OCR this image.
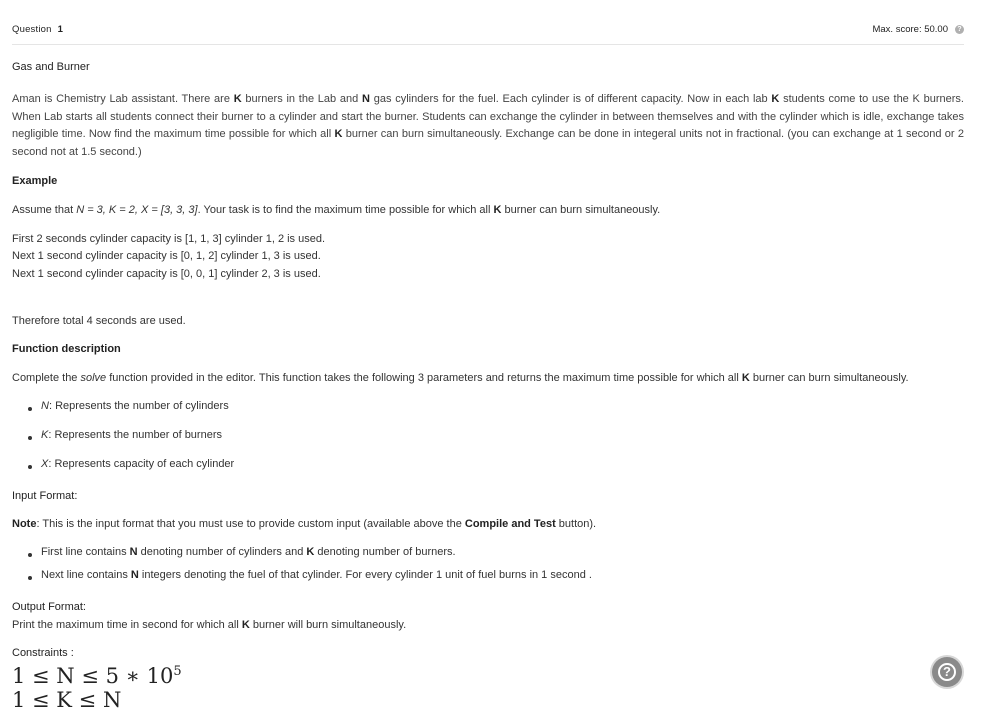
Question 1	Max. score: 50.00	?
Gas and Burner
Aman is Chemistry Lab assistant. There are K burners in the Lab and N gas cylinders for the fuel. Each cylinder is of different capacity. Now in each lab K students come to use the K burners. When Lab starts all students connect their burner to a cylinder and start the burner. Students can exchange the cylinder in between themselves and with the cylinder which is idle, exchange takes negligible time. Now find the maximum time possible for which all K burner can burn simultaneously. Exchange can be done in integeral units not in fractional. (you can exchange at 1 second or 2 second not at 1.5 second.)
Example
Assume that N = 3, K = 2, X = [3, 3, 3]. Your task is to find the maximum time possible for which all K burner can burn simultaneously.
First 2 seconds cylinder capacity is [1, 1, 3] cylinder 1, 2 is used.
Next 1 second cylinder capacity is [0, 1, 2] cylinder 1, 3 is used.
Next 1 second cylinder capacity is [0, 0, 1] cylinder 2, 3 is used.
Therefore total 4 seconds are used.
Function description
Complete the solve function provided in the editor. This function takes the following 3 parameters and returns the maximum time possible for which all K burner can burn simultaneously.
N: Represents the number of cylinders
K: Represents the number of burners
X: Represents capacity of each cylinder
Input Format:
Note: This is the input format that you must use to provide custom input (available above the Compile and Test button).
First line contains N denoting number of cylinders and K denoting number of burners.
Next line contains N integers denoting the fuel of that cylinder. For every cylinder 1 unit of fuel burns in 1 second .
Output Format:
Print the maximum time in second for which all K burner will burn simultaneously.
Constraints :
1 ≤ N ≤ 5 ∗ $10^5$
1 ≤ K ≤ N
?
